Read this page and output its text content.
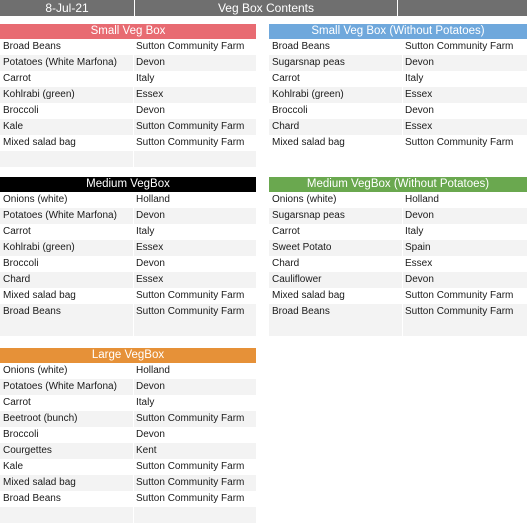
8-Jul-21	Veg Box Contents
Small Veg Box
Broad Beans	Sutton Community Farm
Potatoes (White Marfona)	Devon
Carrot	Italy
Kohlrabi (green)	Essex
Broccoli	Devon
Kale	Sutton Community Farm
Mixed salad bag	Sutton Community Farm
Small Veg Box (Without Potatoes)
Broad Beans	Sutton Community Farm
Sugarsnap peas	Devon
Carrot	Italy
Kohlrabi (green)	Essex
Broccoli	Devon
Chard	Essex
Mixed salad bag	Sutton Community Farm
Medium VegBox
Onions (white)	Holland
Potatoes (White Marfona)	Devon
Carrot	Italy
Kohlrabi (green)	Essex
Broccoli	Devon
Chard	Essex
Mixed salad bag	Sutton Community Farm
Broad Beans	Sutton Community Farm
Medium VegBox (Without Potatoes)
Onions (white)	Holland
Sugarsnap peas	Devon
Carrot	Italy
Sweet Potato	Spain
Chard	Essex
Cauliflower	Devon
Mixed salad bag	Sutton Community Farm
Broad Beans	Sutton Community Farm
Large VegBox
Onions (white)	Holland
Potatoes (White Marfona)	Devon
Carrot	Italy
Beetroot (bunch)	Sutton Community Farm
Broccoli	Devon
Courgettes	Kent
Kale	Sutton Community Farm
Mixed salad bag	Sutton Community Farm
Broad Beans	Sutton Community Farm
